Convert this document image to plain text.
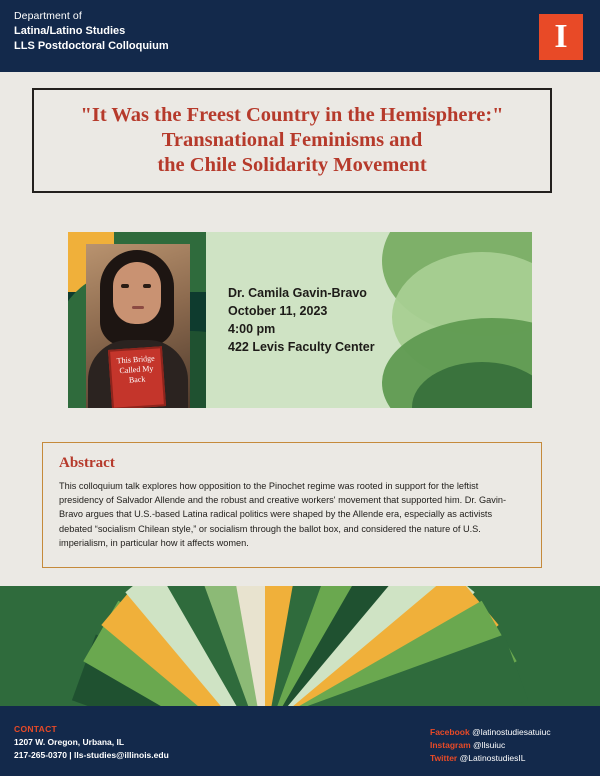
Department of
Latina/Latino Studies
LLS Postdoctoral Colloquium	I
"It Was the Freest Country in the Hemisphere:"
Transnational Feminisms and
the Chile Solidarity Movement
This Bridge Called My Back
Dr. Camila Gavin-Bravo
October 11, 2023
4:00 pm
422 Levis Faculty Center
Abstract
This colloquium talk explores how opposition to the Pinochet regime was rooted in support for the leftist presidency of Salvador Allende and the robust and creative workers' movement that supported him. Dr. Gavin-Bravo argues that U.S.-based Latina radical politics were shaped by the Allende era, especially as activists debated “socialism Chilean style,” or socialism through the ballot box, and considered the nature of U.S. imperialism, in particular how it affects women.
CONTACT
1207 W. Oregon, Urbana, IL
217-265-0370 | lls-studies@illinois.edu
Facebook @latinostudiesatuiuc
Instagram @llsuiuc
Twitter @LatinostudiesIL
